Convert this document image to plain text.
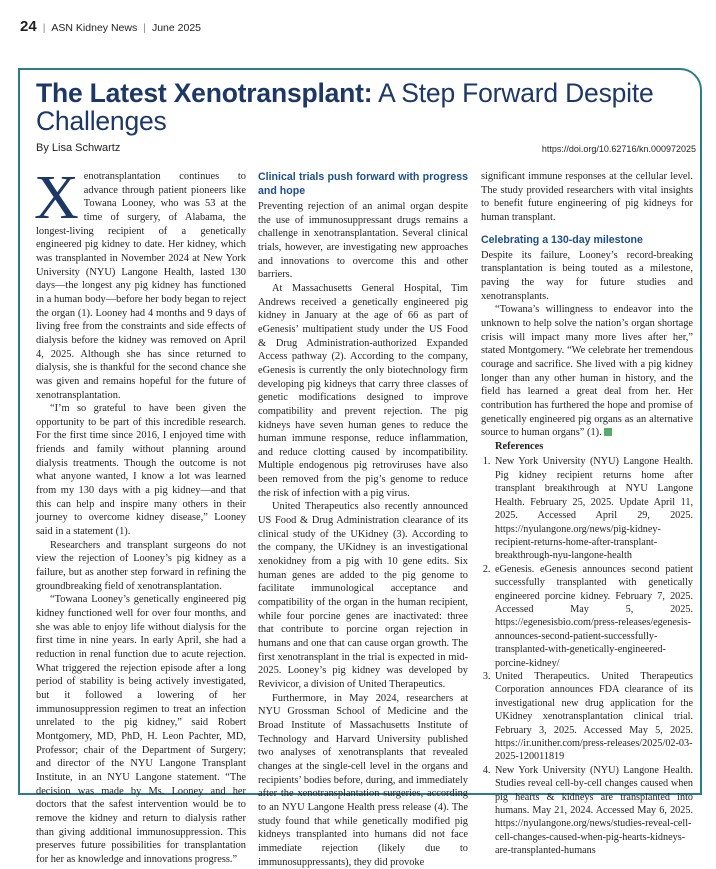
24 | ASN Kidney News | June 2025
The Latest Xenotransplant: A Step Forward Despite Challenges
By Lisa Schwartz	https://doi.org/10.62716/kn.000972025

Xenotransplantation continues to advance through patient pioneers like Towana Looney, who was 53 at the time of surgery, of Alabama, the longest-living recipient of a genetically engineered pig kidney to date. Her kidney, which was transplanted in November 2024 at New York University (NYU) Langone Health, lasted 130 days—the longest any pig kidney has functioned in a human body—before her body began to reject the organ (1). Looney had 4 months and 9 days of living free from the constraints and side effects of dialysis before the kidney was removed on April 4, 2025. Although she has since returned to dialysis, she is thankful for the second chance she was given and remains hopeful for the future of xenotransplantation.

“I’m so grateful to have been given the opportunity to be part of this incredible research. For the first time since 2016, I enjoyed time with friends and family without planning around dialysis treatments. Though the outcome is not what anyone wanted, I know a lot was learned from my 130 days with a pig kidney—and that this can help and inspire many others in their journey to overcome kidney disease,” Looney said in a statement (1).

Researchers and transplant surgeons do not view the rejection of Looney’s pig kidney as a failure, but as another step forward in refining the groundbreaking field of xenotransplantation.

“Towana Looney’s genetically engineered pig kidney functioned well for over four months, and she was able to enjoy life without dialysis for the first time in nine years. In early April, she had a reduction in renal function due to acute rejection. What triggered the rejection episode after a long period of stability is being actively investigated, but it followed a lowering of her immunosuppression regimen to treat an infection unrelated to the pig kidney,” said Robert Montgomery, MD, PhD, H. Leon Pachter, MD, Professor; chair of the Department of Surgery; and director of the NYU Langone Transplant Institute, in an NYU Langone statement. “The decision was made by Ms. Looney and her doctors that the safest intervention would be to remove the kidney and return to dialysis rather than giving additional immunosuppression. This preserves future possibilities for transplantation for her as knowledge and innovations progress.”

Clinical trials push forward with progress and hope

Preventing rejection of an animal organ despite the use of immunosuppressant drugs remains a challenge in xenotransplantation. Several clinical trials, however, are investigating new approaches and innovations to overcome this and other barriers.

At Massachusetts General Hospital, Tim Andrews received a genetically engineered pig kidney in January at the age of 66 as part of eGenesis’ multipatient study under the US Food & Drug Administration-authorized Expanded Access pathway (2). According to the company, eGenesis is currently the only biotechnology firm developing pig kidneys that carry three classes of genetic modifications designed to improve compatibility and prevent rejection. The pig kidneys have seven human genes to reduce the human immune response, reduce inflammation, and reduce clotting caused by incompatibility. Multiple endogenous pig retroviruses have also been removed from the pig’s genome to reduce the risk of infection with a pig virus.

United Therapeutics also recently announced US Food & Drug Administration clearance of its clinical study of the UKidney (3). According to the company, the UKidney is an investigational xenokidney from a pig with 10 gene edits. Six human genes are added to the pig genome to facilitate immunological acceptance and compatibility of the organ in the human recipient, while four porcine genes are inactivated: three that contribute to porcine organ rejection in humans and one that can cause organ growth. The first xenotransplant in the trial is expected in mid-2025. Looney’s pig kidney was developed by Revivicor, a division of United Therapeutics.

Furthermore, in May 2024, researchers at NYU Grossman School of Medicine and the Broad Institute of Massachusetts Institute of Technology and Harvard University published two analyses of xenotransplants that revealed changes at the single-cell level in the organs and recipients’ bodies before, during, and immediately after the xenotransplantation surgeries, according to an NYU Langone Health press release (4). The study found that while genetically modified pig kidneys transplanted into humans did not face immediate rejection (likely due to immunosuppressants), they did provoke

significant immune responses at the cellular level. The study provided researchers with vital insights to benefit future engineering of pig kidneys for human transplant.

Celebrating a 130-day milestone

Despite its failure, Looney’s record-breaking transplantation is being touted as a milestone, paving the way for future studies and xenotransplants.

“Towana’s willingness to endeavor into the unknown to help solve the nation’s organ shortage crisis will impact many more lives after her,” stated Montgomery. “We celebrate her tremendous courage and sacrifice. She lived with a pig kidney longer than any other human in history, and the field has learned a great deal from her. Her contribution has furthered the hope and promise of genetically engineered pig organs as an alternative source to human organs” (1).

References

1. New York University (NYU) Langone Health. Pig kidney recipient returns home after transplant breakthrough at NYU Langone Health. February 25, 2025. Update April 11, 2025. Accessed April 29, 2025. https://nyulangone.org/news/pig-kidney-recipient-returns-home-after-transplant-breakthrough-nyu-langone-health
2. eGenesis. eGenesis announces second patient successfully transplanted with genetically engineered porcine kidney. February 7, 2025. Accessed May 5, 2025. https://egenesisbio.com/press-releases/egenesis-announces-second-patient-successfully-transplanted-with-genetically-engineered-porcine-kidney/
3. United Therapeutics. United Therapeutics Corporation announces FDA clearance of its investigational new drug application for the UKidney xenotransplantation clinical trial. February 3, 2025. Accessed May 5, 2025. https://ir.unither.com/press-releases/2025/02-03-2025-120011819
4. New York University (NYU) Langone Health. Studies reveal cell-by-cell changes caused when pig hearts & kidneys are transplanted into humans. May 21, 2024. Accessed May 6, 2025. https://nyulangone.org/news/studies-reveal-cell-cell-changes-caused-when-pig-hearts-kidneys-are-transplanted-humans
